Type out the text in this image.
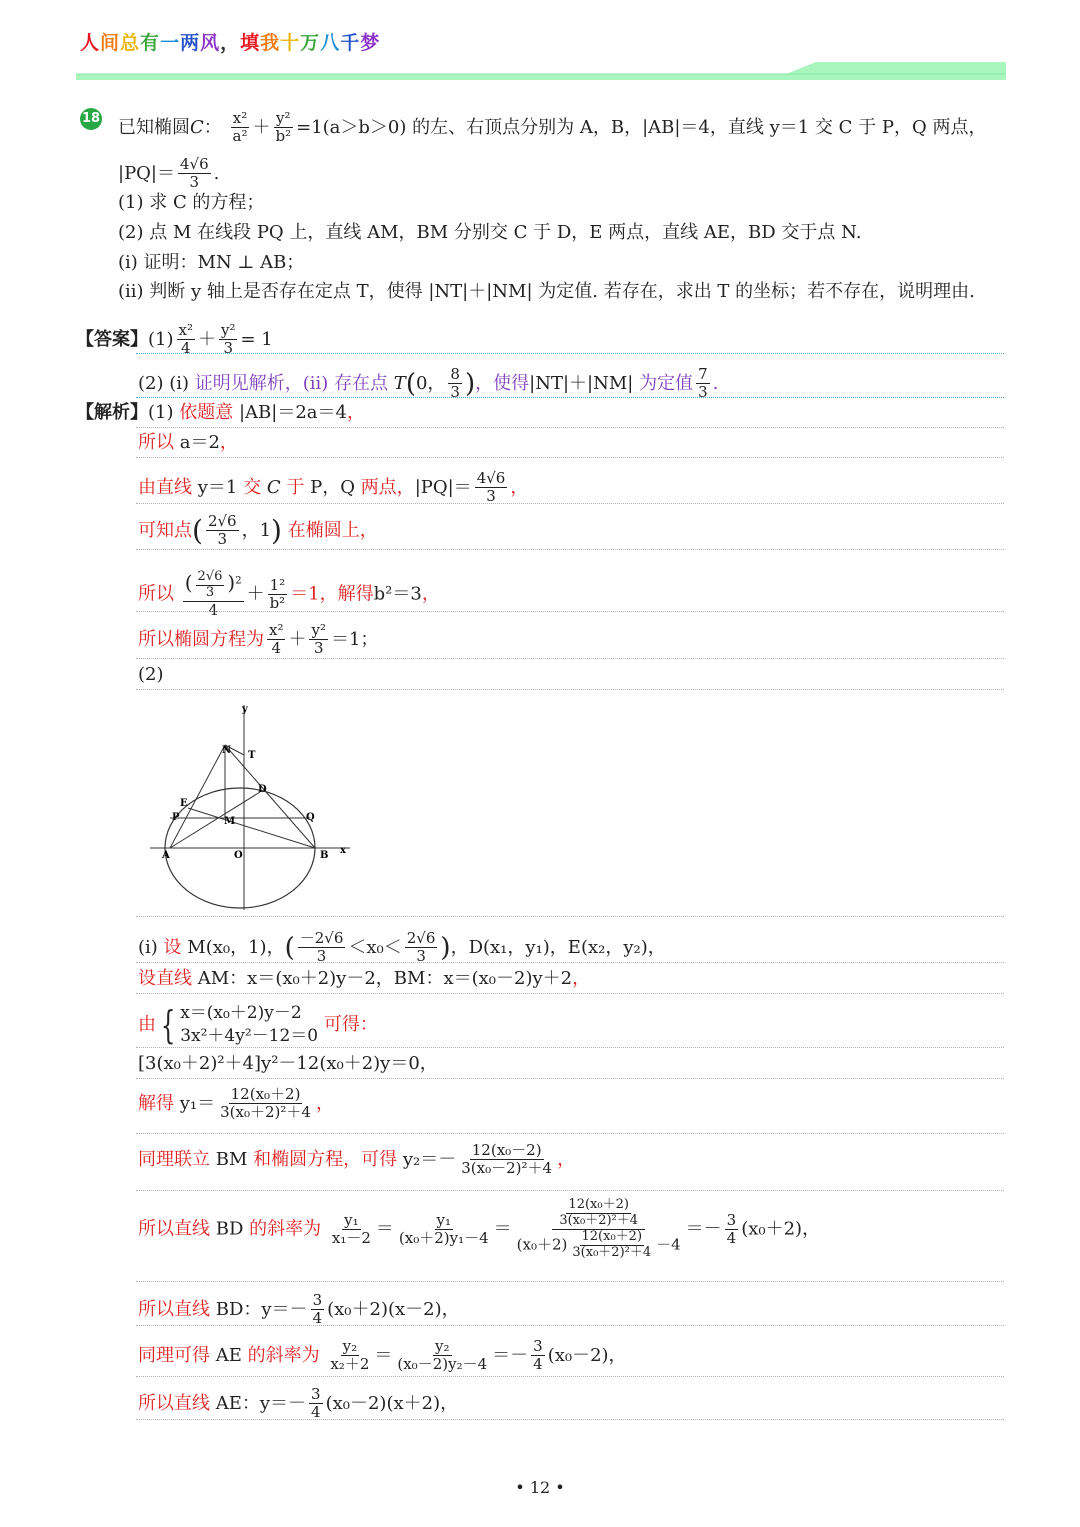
人间总有一两风，填我十万八千梦
18 已知椭圆C： $\frac{\text{x²}}{\text{a²}} + \frac{\text{y²}}{\text{b²}} =1(a>b>0)$ 的左、右顶点分别为 A，B，|AB|＝4，直线 y＝1 交 C 于 P，Q 两点，
$|PQ|= \frac{4√6}{3}$ .
(1) 求 C 的方程；
(2) 点 M 在线段 PQ 上，直线 AM，BM 分别交 C 于 D，E 两点，直线 AE，BD 交于点 N.
(i) 证明：MN ⊥ AB；
(ii) 判断 y 轴上是否存在定点 T，使得 |NT|＋|NM| 为定值. 若存在，求出 T 的坐标；若不存在，说明理由.
【答案】$(1) \frac{\text{x²}}{4} + \frac{\text{y²}}{3} = 1$
(2) (i) 证明见解析，(ii) 存在点 T(0， $\frac{8}{3}$ )，使得|NT|＋|NM| 为定值 $\frac{7}{3}$ .
【解析】(1) 依题意 |AB|＝2a＝4，
所以 a＝2，
由直线 y＝1 交 C 于 P，Q 两点，$|PQ|= \frac{4√6}{3}$ ，
可知点( $\frac{2√6}{3}$ ，1) 在椭圆上，
所以 $\frac{( \frac{2√6}{3} )^2}{4} + \frac{\text{1²}}{\text{b²}} =1$，解得b²＝3，
所以椭圆方程为 $\frac{\text{x²}}{4} + \frac{\text{y²}}{3} =1$；
(2)
y
x
N T
D
E
P	M	Q
A	O	B
(i) 设 M(x₀，1)，( $\frac{-2√6}{3} <x_0< \frac{2√6}{3}$ )，D(x₁，y₁)，E(x₂，y₂)，
设直线 AM：x＝(x₀＋2)y－2，BM：x＝(x₀－2)y＋2，
由 { x＝(x₀＋2)y－2
3x²＋4y²－12＝0
可得：
[3(x₀＋2)²＋4]y²－12(x₀＋2)y＝0，
解得 $y_1= \frac{\text{12(x₀＋2)}}{\text{3(x₀＋2)²＋4}}$ ，
同理联立 BM 和椭圆方程，可得 $y_2=- \frac{\text{12(x₀－2)}}{\text{3(x₀－2)²＋4}}$ ，
所以直线 BD 的斜率为 $\frac{\text{y₁}}{\text{x₁－2}} = \frac{\text{y₁}}{\text{(x₀＋2)y₁－4}} = \frac{\frac{\text{12(x₀＋2)}}{\text{3(x₀＋2)²＋4}}}{(x_0+2) \frac{\text{12(x₀＋2)}}{\text{3(x₀＋2)²＋4}} -4} =- \frac{3}{4} (x_0+2)$，
所以直线 BD：$y=- \frac{3}{4} (x_0+2)(x-2)$，
同理可得 AE 的斜率为 $\frac{\text{y₂}}{\text{x₂＋2}} = \frac{\text{y₂}}{\text{(x₀－2)y₂－4}} =- \frac{3}{4} (x_0-2)$，
所以直线 AE：$y=- \frac{3}{4} (x_0-2)(x+2)$，
• 12 •
